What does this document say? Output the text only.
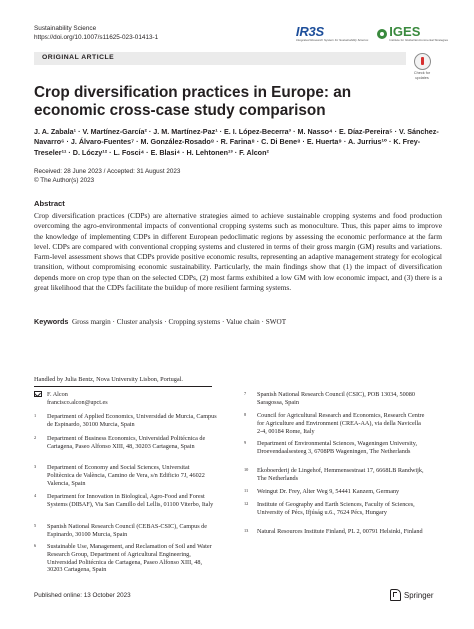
Sustainability Science
https://doi.org/10.1007/s11625-023-01413-1	IR3S
Integrated Research System for Sustainability Science
IGES
Institute for Global Environmental Strategies
ORIGINAL ARTICLE
Check for
updates
Crop diversification practices in Europe: an economic cross-case study comparison
J. A. Zabala¹ · V. Martínez-García² · J. M. Martínez-Paz¹ · E. I. López-Becerra³ · M. Nasso⁴ · E. Díaz-Pereira⁵ · V. Sánchez-Navarro⁶ · J. Álvaro-Fuentes⁷ · M. González-Rosado⁸ · R. Farina⁸ · C. Di Bene⁸ · E. Huerta⁹ · A. Jurrius¹⁰ · K. Frey-Treseler¹¹ · D. Lóczy¹² · L. Fosci⁴ · E. Blasi⁴ · H. Lehtonen¹³ · F. Alcon²
Received: 28 June 2023 / Accepted: 31 August 2023
© The Author(s) 2023
Abstract
Crop diversification practices (CDPs) are alternative strategies aimed to achieve sustainable cropping systems and food production overcoming the agro-environmental impacts of conventional cropping systems such as monoculture. Thus, this paper aims to improve the knowledge of implementing CDPs in different European pedoclimatic regions by assessing the economic performance at the farm level. CDPs are compared with conventional cropping systems and clustered in terms of their gross margin (GM) results and variations. Farm-level assessment shows that CDPs provide positive economic results, representing an adaptive management strategy for ecological transition, without compromising economic sustainability. Particularly, the main findings show that (1) the impact of diversification depends more on crop type than on the selected CDPs, (2) most farms exhibited a low GM with low economic impact, and (3) there is a great likelihood that the CDPs facilitate the buildup of more resilient farming systems.
Keywords Gross margin · Cluster analysis · Cropping systems · Value chain · SWOT
Handled by Julia Bentz, Nova University Lisbon, Portugal.
F. Alcon
francisco.alcon@upct.es
1 Department of Applied Economics, Universidad de Murcia, Campus de Espinardo, 30100 Murcia, Spain
2 Department of Business Economics, Universidad Politécnica de Cartagena, Paseo Alfonso XIII, 48, 30203 Cartagena, Spain
3 Department of Economy and Social Sciences, Universitat Politècnica de València, Camino de Vera, s/n Edificio 7J, 46022 Valencia, Spain
4 Department for Innovation in Biological, Agro-Food and Forest Systems (DIBAF), Via San Camillo del Lellis, 01100 Viterbo, Italy
5 Spanish National Research Council (CEBAS-CSIC), Campus de Espinardo, 30100 Murcia, Spain
6 Sustainable Use, Management, and Reclamation of Soil and Water Research Group, Department of Agricultural Engineering, Universidad Politécnica de Cartagena, Paseo Alfonso XIII, 48, 30203 Cartagena, Spain
7 Spanish National Research Council (CSIC), POB 13034, 50080 Saragossa, Spain
8 Council for Agricultural Research and Economics, Research Centre for Agriculture and Environment (CREA-AA), via della Navicella 2-4, 00184 Rome, Italy
9 Department of Environmental Sciences, Wageningen University, Droevendaalsesteeg 3, 6708PB Wageningen, The Netherlands
10 Ekoboerderij de Lingehof, Hemmensestraat 17, 6668LB Randwijk, The Netherlands
11 Weingut Dr. Frey, Alter Weg 9, 54441 Kanzem, Germany
12 Institute of Geography and Earth Sciences, Faculty of Sciences, University of Pécs, Ifjúság u.6., 7624 Pécs, Hungary
13 Natural Resources Institute Finland, PL 2, 00791 Helsinki, Finland
Published online: 13 October 2023	Springer
